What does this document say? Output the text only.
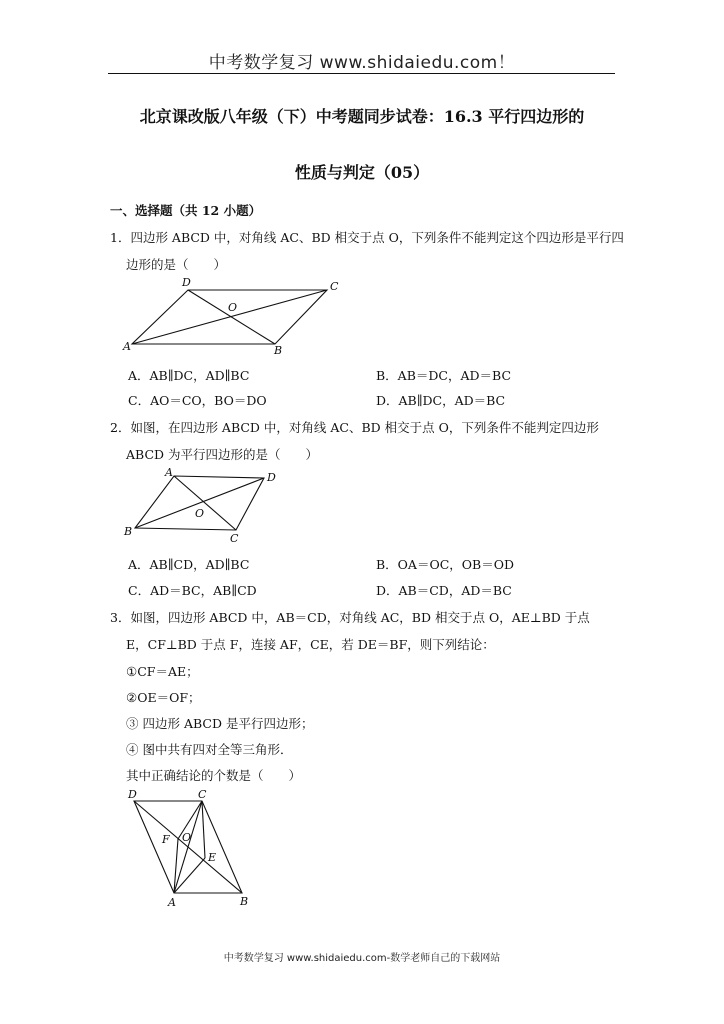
中考数学复习 www.shidaiedu.com！
北京课改版八年级（下）中考题同步试卷：16.3 平行四边形的
性质与判定（05）
一、选择题（共 12 小题）
1．四边形 ABCD 中，对角线 AC、BD 相交于点 O，下列条件不能判定这个四边形是平行四
边形的是（　　）
A	B
C
D
O
A．AB∥DC，AD∥BC	B．AB＝DC，AD＝BC
C．AO＝CO，BO＝DO	D．AB∥DC，AD＝BC
2．如图，在四边形 ABCD 中，对角线 AC、BD 相交于点 O，下列条件不能判定四边形
ABCD 为平行四边形的是（　　）
A
B
C
D
O
A．AB∥CD，AD∥BC	B．OA＝OC，OB＝OD
C．AD＝BC，AB∥CD	D．AB＝CD，AD＝BC
3．如图，四边形 ABCD 中，AB＝CD，对角线 AC，BD 相交于点 O，AE⊥BD 于点
E，CF⊥BD 于点 F，连接 AF，CE，若 DE＝BF，则下列结论：
①CF＝AE；
②OE＝OF；
③ 四边形 ABCD 是平行四边形；
④ 图中共有四对全等三角形．
其中正确结论的个数是（　　）
D	C
A	B
F O
E
中考数学复习 www.shidaiedu.com-数学老师自己的下载网站
